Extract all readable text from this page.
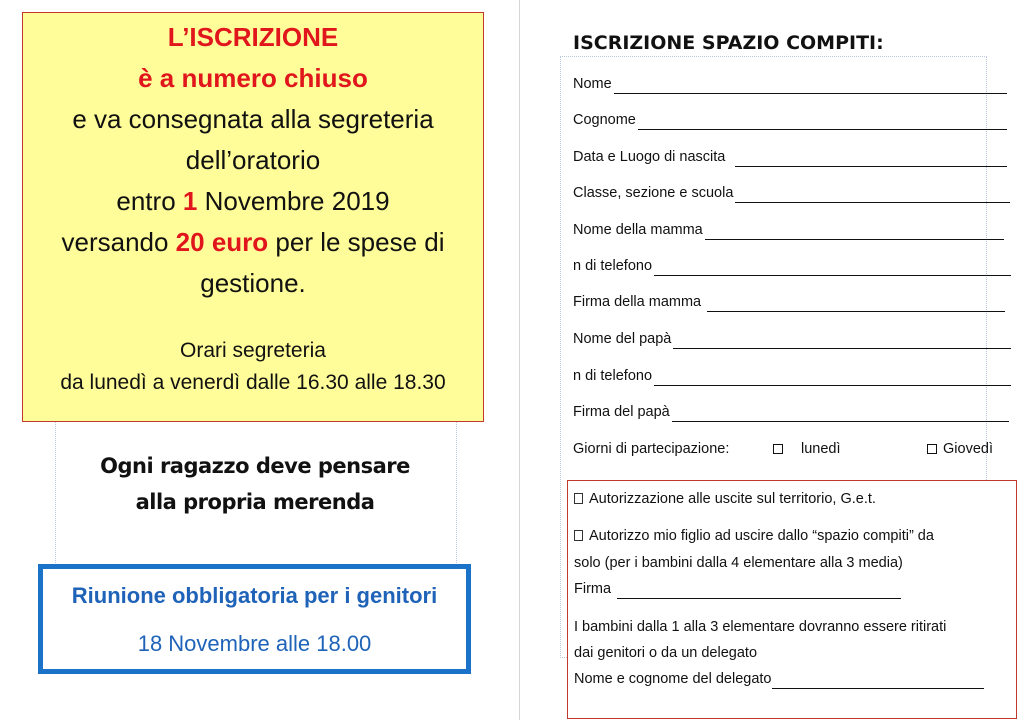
L’ISCRIZIONE
è a numero chiuso
e va consegnata alla segreteria
dell’oratorio
entro 1 Novembre 2019
versando 20 euro per le spese di
gestione.
Orari segreteria
da lunedì a venerdì dalle 16.30 alle 18.30
Ogni ragazzo deve pensare
alla propria merenda
Riunione obbligatoria per i genitori
18 Novembre alle 18.00
ISCRIZIONE SPAZIO COMPITI:
Nome
Cognome
Data e Luogo di nascita
Classe, sezione e scuola
Nome della mamma
n di telefono
Firma della mamma
Nome del papà
n di telefono
Firma del papà
Giorni di partecipazione:	lunedì	Giovedì
Autorizzazione alle uscite sul territorio, G.e.t.
Autorizzo mio figlio ad uscire dallo “spazio compiti” da
solo (per i bambini dalla 4 elementare alla 3 media)
Firma
I bambini dalla 1 alla 3 elementare dovranno essere ritirati
dai genitori o da un delegato
Nome e cognome del delegato
